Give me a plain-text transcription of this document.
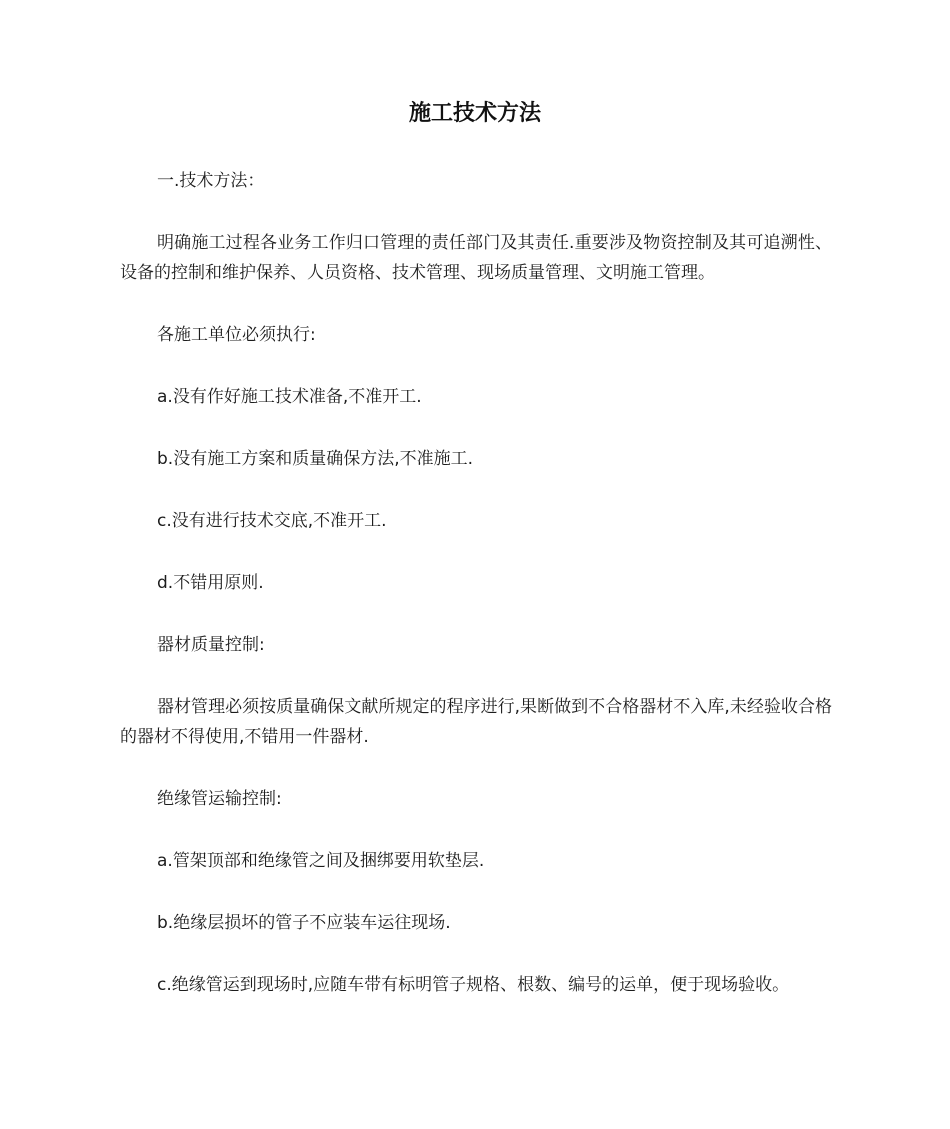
施工技术方法

一.技术方法：

明确施工过程各业务工作归口管理的责任部门及其责任.重要涉及物资控制及其可追溯性、设备的控制和维护保养、人员资格、技术管理、现场质量管理、文明施工管理。

各施工单位必须执行:

a.没有作好施工技术准备,不准开工.

b.没有施工方案和质量确保方法,不准施工.

c.没有进行技术交底,不准开工.

d.不错用原则.

器材质量控制:

器材管理必须按质量确保文献所规定的程序进行,果断做到不合格器材不入库,未经验收合格的器材不得使用,不错用一件器材.

绝缘管运输控制:

a.管架顶部和绝缘管之间及捆绑要用软垫层.

b.绝缘层损坏的管子不应装车运往现场.

c.绝缘管运到现场时,应随车带有标明管子规格、根数、编号的运单，便于现场验收。
